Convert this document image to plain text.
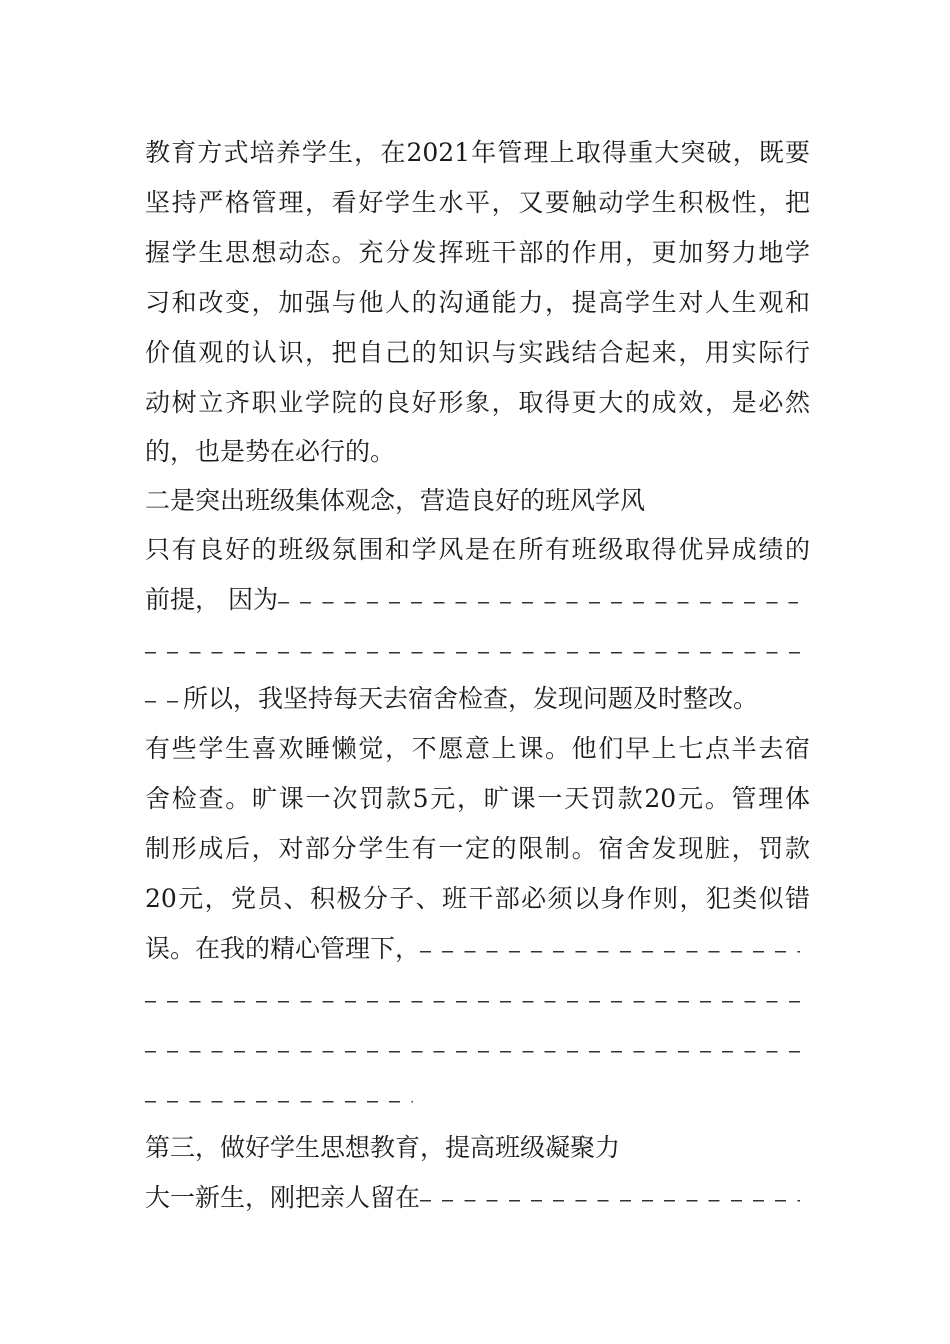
教育方式培养学生，在2021年管理上取得重大突破，既要
坚持严格管理，看好学生水平，又要触动学生积极性，把
握学生思想动态。充分发挥班干部的作用，更加努力地学
习和改变，加强与他人的沟通能力，提高学生对人生观和
价值观的认识，把自己的知识与实践结合起来，用实际行
动树立齐职业学院的良好形象，取得更大的成效，是必然
的，也是势在必行的。
二是突出班级集体观念，营造良好的班风学风
只有良好的班级氛围和学风是在所有班级取得优异成绩的
前提， 因为
所以，我坚持每天去宿舍检查，发现问题及时整改。
有些学生喜欢睡懒觉，不愿意上课。他们早上七点半去宿
舍检查。旷课一次罚款5元，旷课一天罚款20元。管理体
制形成后，对部分学生有一定的限制。宿舍发现脏，罚款
20元，党员、积极分子、班干部必须以身作则，犯类似错
误。在我的精心管理下，
第三，做好学生思想教育，提高班级凝聚力
大一新生，刚把亲人留在
